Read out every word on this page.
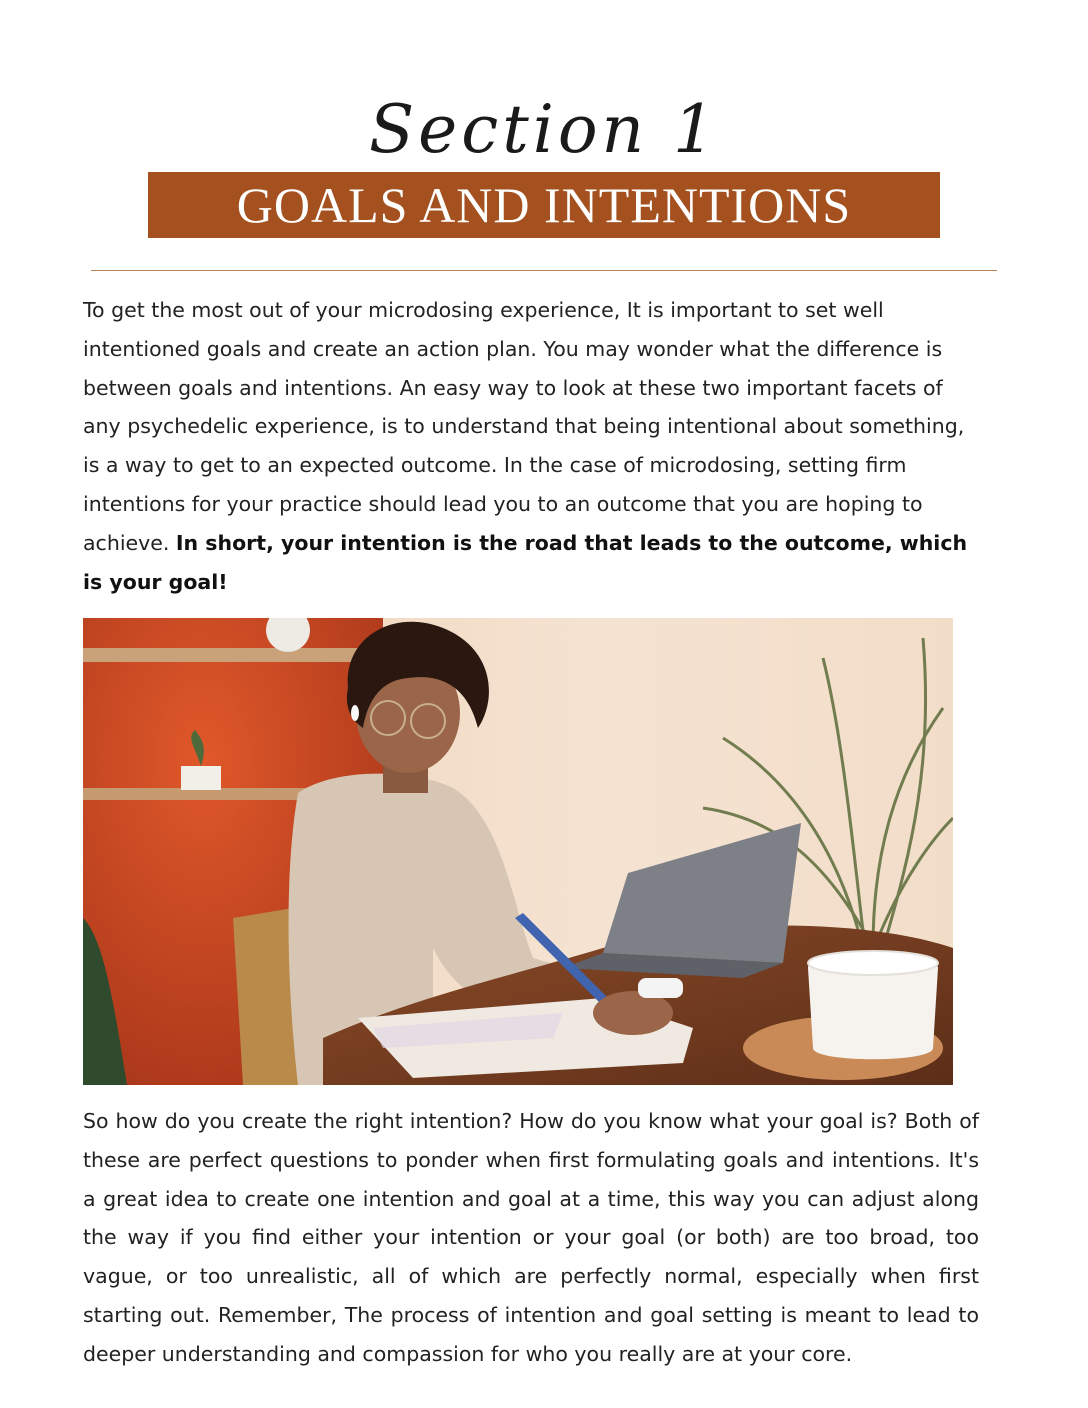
Section 1
GOALS AND INTENTIONS

To get the most out of your microdosing experience, It is important to set well intentioned goals and create an action plan. You may wonder what the difference is between goals and intentions. An easy way to look at these two important facets of any psychedelic experience, is to understand that being intentional about something, is a way to get to an expected outcome. In the case of microdosing, setting firm intentions for your practice should lead you to an outcome that you are hoping to achieve. In short, your intention is the road that leads to the outcome, which is your goal!

So how do you create the right intention? How do you know what your goal is? Both of these are perfect questions to ponder when first formulating goals and intentions. It's a great idea to create one intention and goal at a time, this way you can adjust along the way if you find either your intention or your goal (or both) are too broad, too vague, or too unrealistic, all of which are perfectly normal, especially when first starting out. Remember, The process of intention and goal setting is meant to lead to deeper understanding and compassion for who you really are at your core.
